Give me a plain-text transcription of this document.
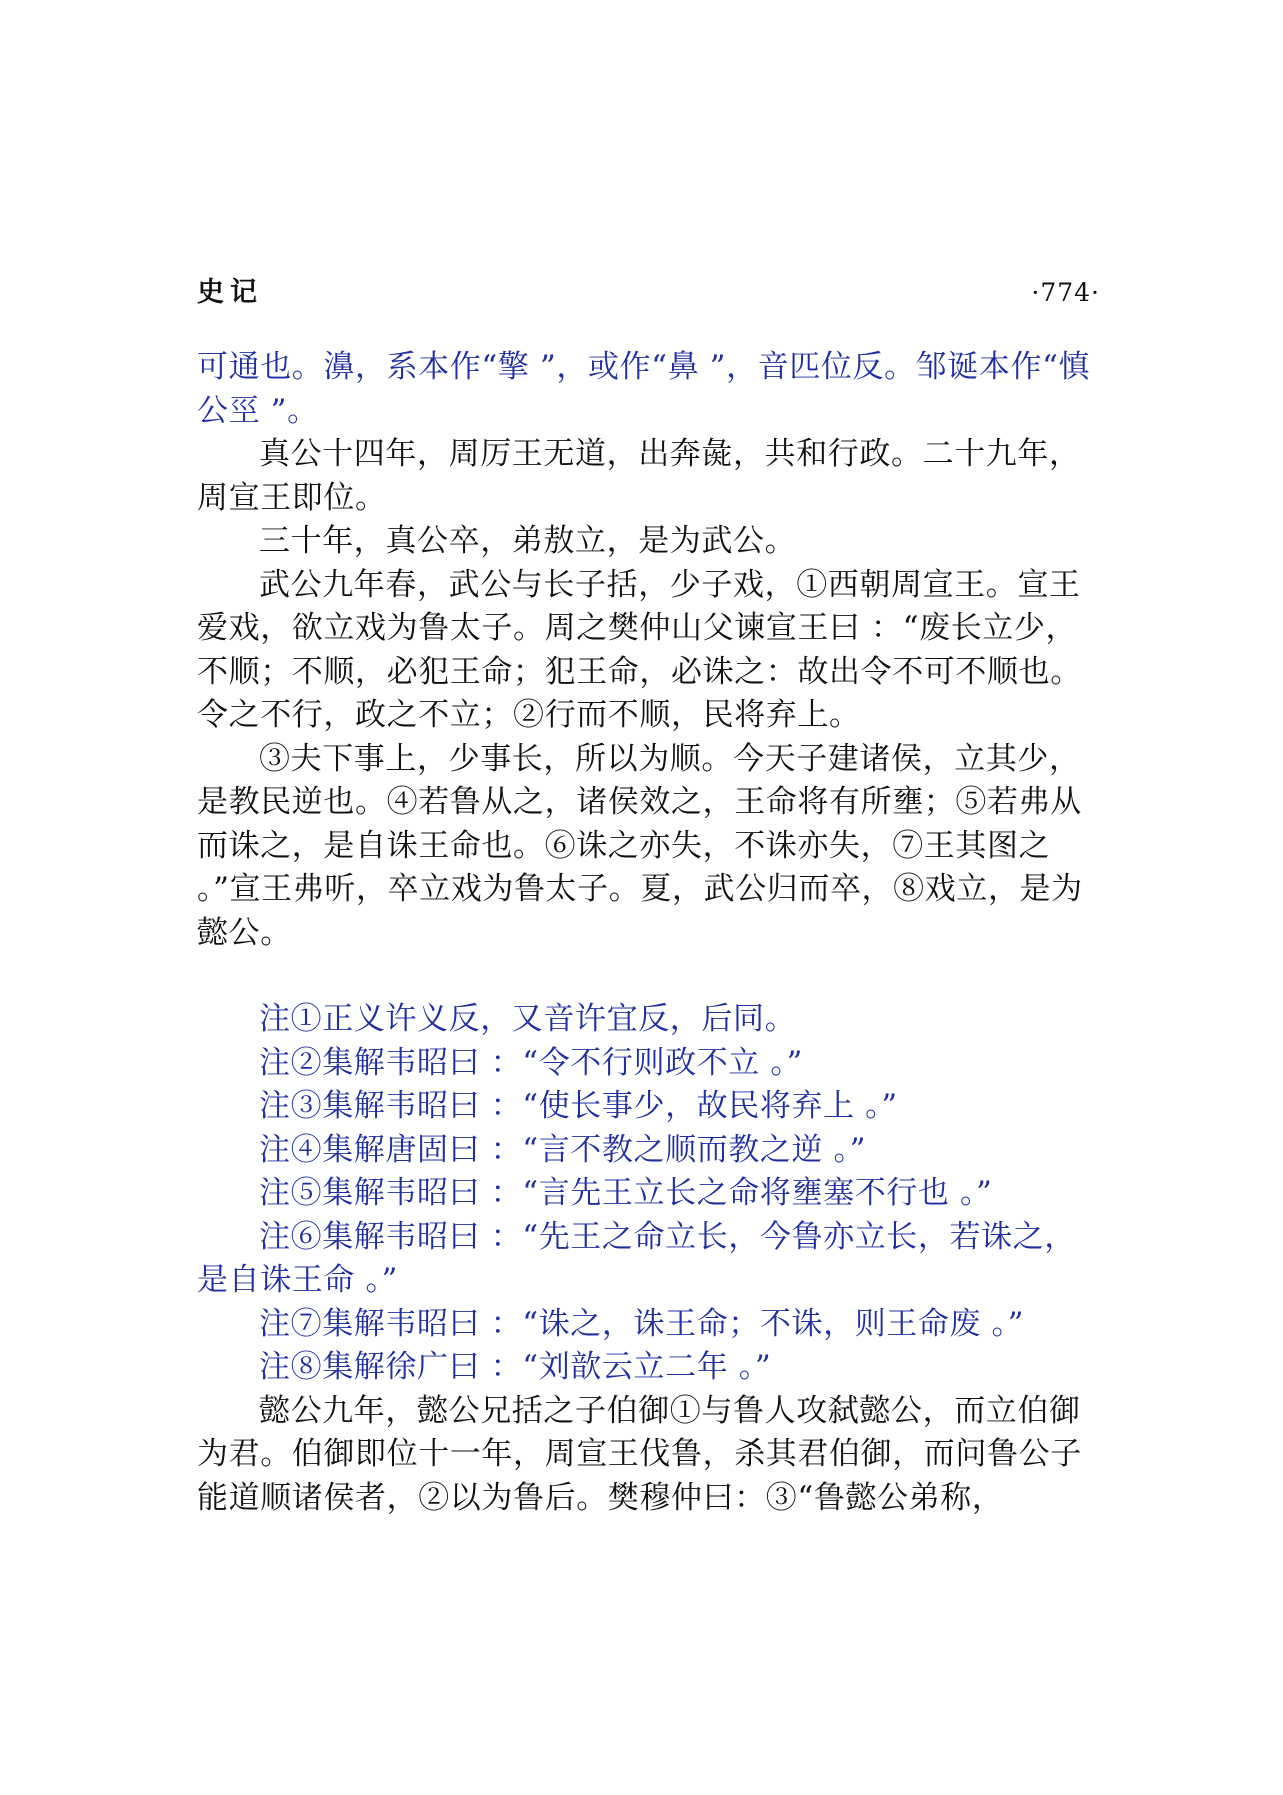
史记	·774·

可通也。濞，系本作“擎 ”，或作“鼻 ”，音匹位反。邹诞本作“慎公巠 ”。

真公十四年，周厉王无道，出奔彘，共和行政。二十九年，周宣王即位。

三十年，真公卒，弟敖立，是为武公。

武公九年春，武公与长子括，少子戏，①西朝周宣王。宣王爱戏，欲立戏为鲁太子。周之樊仲山父谏宣王曰 ：“废长立少，不顺；不顺，必犯王命；犯王命，必诛之：故出令不可不顺也。令之不行，政之不立；②行而不顺，民将弃上。

③夫下事上，少事长，所以为顺。今天子建诸侯，立其少，是教民逆也。④若鲁从之，诸侯效之，王命将有所壅；⑤若弗从而诛之，是自诛王命也。⑥诛之亦失，不诛亦失，⑦王其图之 。”宣王弗听，卒立戏为鲁太子。夏，武公归而卒，⑧戏立，是为懿公。

注①正义许义反，又音许宜反，后同。

注②集解韦昭曰 ：“令不行则政不立 。”

注③集解韦昭曰 ：“使长事少，故民将弃上 。”

注④集解唐固曰 ：“言不教之顺而教之逆 。”

注⑤集解韦昭曰 ：“言先王立长之命将壅塞不行也 。”

注⑥集解韦昭曰 ：“先王之命立长，今鲁亦立长，若诛之，是自诛王命 。”

注⑦集解韦昭曰 ：“诛之，诛王命；不诛，则王命废 。”

注⑧集解徐广曰 ：“刘歆云立二年 。”

懿公九年，懿公兄括之子伯御①与鲁人攻弑懿公，而立伯御为君。伯御即位十一年，周宣王伐鲁，杀其君伯御，而问鲁公子能道顺诸侯者，②以为鲁后。樊穆仲曰：③“鲁懿公弟称，
